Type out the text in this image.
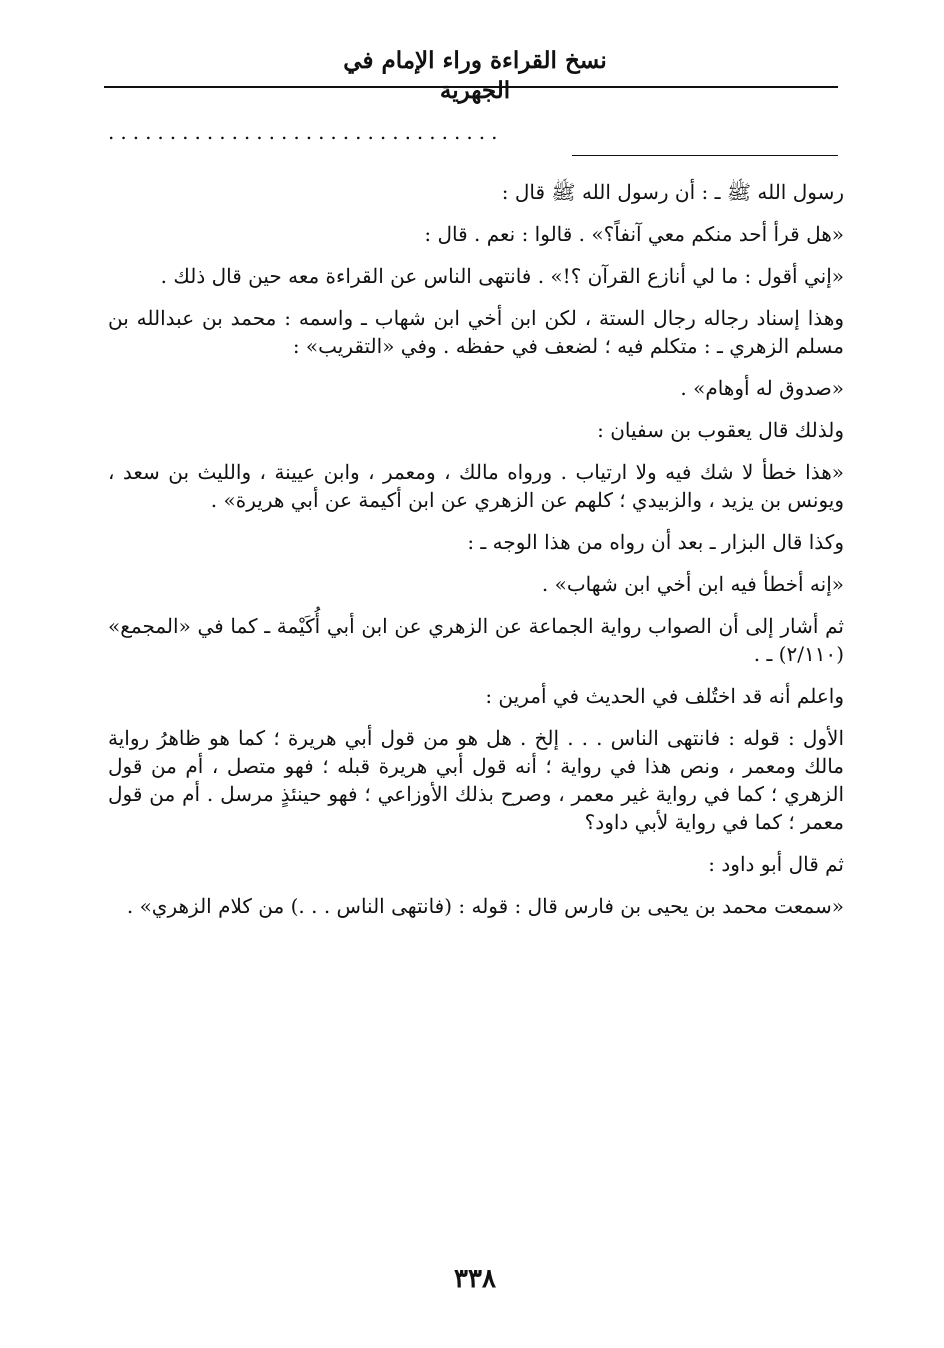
نسخ القراءة وراء الإمام في الجهرية
................................

رسول الله ﷺ ـ : أن رسول الله ﷺ قال :

«هل قرأ أحد منكم معي آنفاً؟» . قالوا : نعم . قال :

«إني أقول : ما لي أنازع القرآن ؟!» . فانتهى الناس عن القراءة معه حين قال ذلك .

وهذا إسناد رجاله رجال الستة ، لكن ابن أخي ابن شهاب ـ واسمه : محمد بن عبدالله بن مسلم الزهري ـ : متكلم فيه ؛ لضعف في حفظه . وفي «التقريب» :

«صدوق له أوهام» .

ولذلك قال يعقوب بن سفيان :

«هذا خطأ لا شك فيه ولا ارتياب . ورواه مالك ، ومعمر ، وابن عيينة ، والليث بن سعد ، ويونس بن يزيد ، والزبيدي ؛ كلهم عن الزهري عن ابن أكيمة عن أبي هريرة» .

وكذا قال البزار ـ بعد أن رواه من هذا الوجه ـ :

«إنه أخطأ فيه ابن أخي ابن شهاب» .

ثم أشار إلى أن الصواب رواية الجماعة عن الزهري عن ابن أبي أُكَيْمة ـ كما في «المجمع» (٢/١١٠) ـ .

واعلم أنه قد اختُلف في الحديث في أمرين :

الأول : قوله : فانتهى الناس . . . إلخ . هل هو من قول أبي هريرة ؛ كما هو ظاهرُ رواية مالك ومعمر ، ونص هذا في رواية ؛ أنه قول أبي هريرة قبله ؛ فهو متصل ، أم من قول الزهري ؛ كما في رواية غير معمر ، وصرح بذلك الأوزاعي ؛ فهو حينئذٍ مرسل . أم من قول معمر ؛ كما في رواية لأبي داود؟

ثم قال أبو داود :

«سمعت محمد بن يحيى بن فارس قال : قوله : (فانتهى الناس . . .) من كلام الزهري» .

٣٣٨
